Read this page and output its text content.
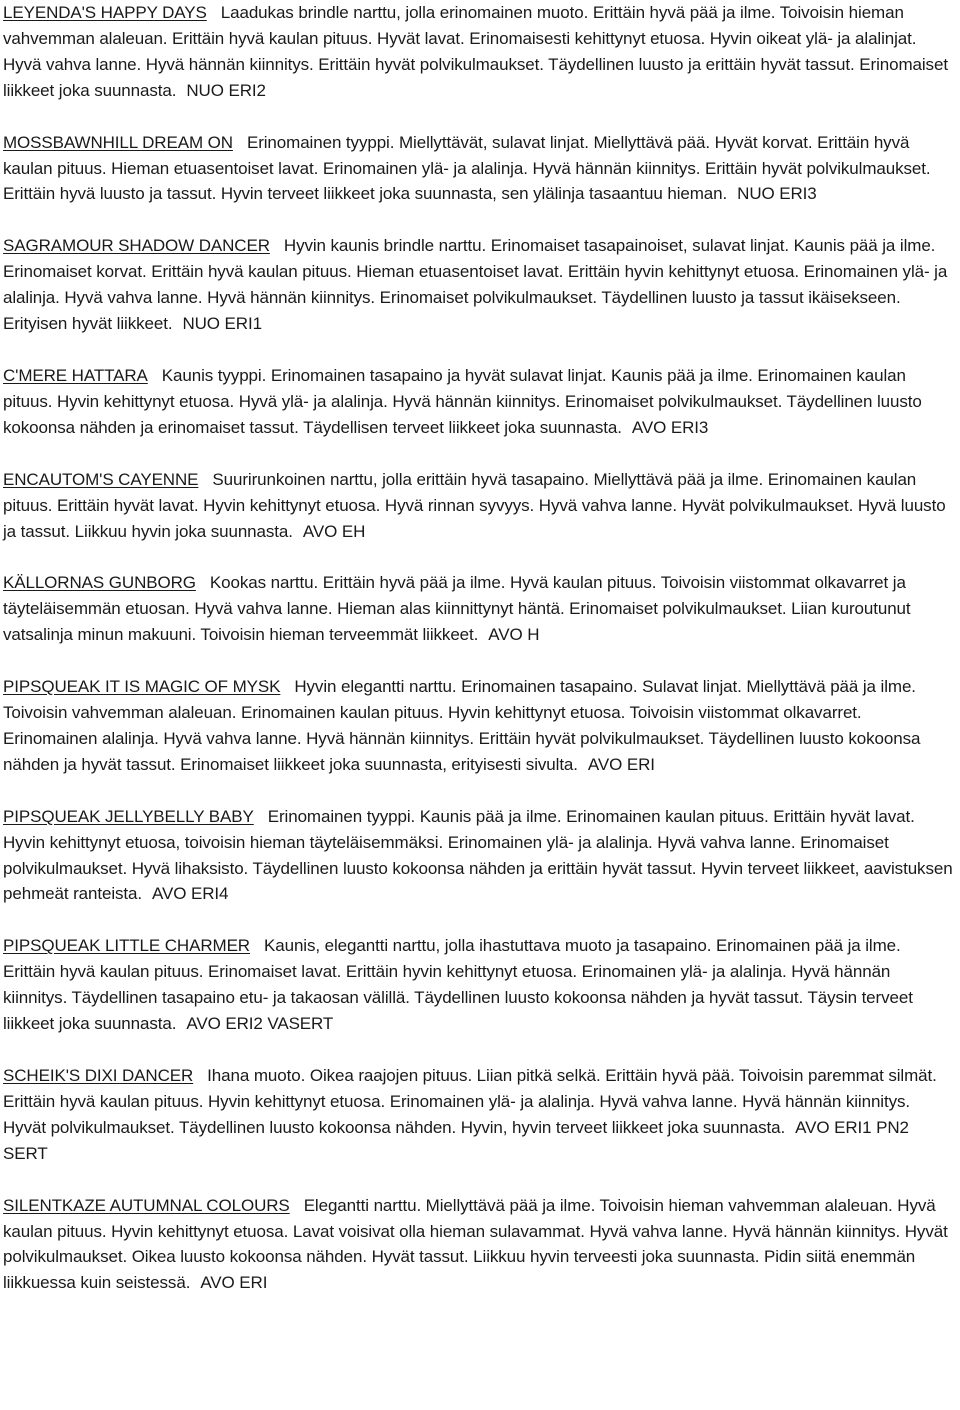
LEYENDA'S HAPPY DAYS Laadukas brindle narttu, jolla erinomainen muoto. Erittäin hyvä pää ja ilme. Toivoisin hieman vahvemman alaleuan. Erittäin hyvä kaulan pituus. Hyvät lavat. Erinomaisesti kehittynyt etuosa. Hyvin oikeat ylä- ja alalinjat. Hyvä vahva lanne. Hyvä hännän kiinnitys. Erittäin hyvät polvikulmaukset. Täydellinen luusto ja erittäin hyvät tassut. Erinomaiset liikkeet joka suunnasta. NUO ERI2

MOSSBAWNHILL DREAM ON Erinomainen tyyppi. Miellyttävät, sulavat linjat. Miellyttävä pää. Hyvät korvat. Erittäin hyvä kaulan pituus. Hieman etuasentoiset lavat. Erinomainen ylä- ja alalinja. Hyvä hännän kiinnitys. Erittäin hyvät polvikulmaukset. Erittäin hyvä luusto ja tassut. Hyvin terveet liikkeet joka suunnasta, sen ylälinja tasaantuu hieman. NUO ERI3

SAGRAMOUR SHADOW DANCER Hyvin kaunis brindle narttu. Erinomaiset tasapainoiset, sulavat linjat. Kaunis pää ja ilme. Erinomaiset korvat. Erittäin hyvä kaulan pituus. Hieman etuasentoiset lavat. Erittäin hyvin kehittynyt etuosa. Erinomainen ylä- ja alalinja. Hyvä vahva lanne. Hyvä hännän kiinnitys. Erinomaiset polvikulmaukset. Täydellinen luusto ja tassut ikäisekseen. Erityisen hyvät liikkeet. NUO ERI1

C'MERE HATTARA Kaunis tyyppi. Erinomainen tasapaino ja hyvät sulavat linjat. Kaunis pää ja ilme. Erinomainen kaulan pituus. Hyvin kehittynyt etuosa. Hyvä ylä- ja alalinja. Hyvä hännän kiinnitys. Erinomaiset polvikulmaukset. Täydellinen luusto kokoonsa nähden ja erinomaiset tassut. Täydellisen terveet liikkeet joka suunnasta. AVO ERI3

ENCAUTOM'S CAYENNE Suurirunkoinen narttu, jolla erittäin hyvä tasapaino. Miellyttävä pää ja ilme. Erinomainen kaulan pituus. Erittäin hyvät lavat. Hyvin kehittynyt etuosa. Hyvä rinnan syvyys. Hyvä vahva lanne. Hyvät polvikulmaukset. Hyvä luusto ja tassut. Liikkuu hyvin joka suunnasta. AVO EH

KÄLLORNAS GUNBORG Kookas narttu. Erittäin hyvä pää ja ilme. Hyvä kaulan pituus. Toivoisin viistommat olkavarret ja täyteläisemmän etuosan. Hyvä vahva lanne. Hieman alas kiinnittynyt häntä. Erinomaiset polvikulmaukset. Liian kuroutunut vatsalinja minun makuuni. Toivoisin hieman terveemmät liikkeet. AVO H

PIPSQUEAK IT IS MAGIC OF MYSK Hyvin elegantti narttu. Erinomainen tasapaino. Sulavat linjat. Miellyttävä pää ja ilme. Toivoisin vahvemman alaleuan. Erinomainen kaulan pituus. Hyvin kehittynyt etuosa. Toivoisin viistommat olkavarret. Erinomainen alalinja. Hyvä vahva lanne. Hyvä hännän kiinnitys. Erittäin hyvät polvikulmaukset. Täydellinen luusto kokoonsa nähden ja hyvät tassut. Erinomaiset liikkeet joka suunnasta, erityisesti sivulta. AVO ERI

PIPSQUEAK JELLYBELLY BABY Erinomainen tyyppi. Kaunis pää ja ilme. Erinomainen kaulan pituus. Erittäin hyvät lavat. Hyvin kehittynyt etuosa, toivoisin hieman täyteläisemmäksi. Erinomainen ylä- ja alalinja. Hyvä vahva lanne. Erinomaiset polvikulmaukset. Hyvä lihaksisto. Täydellinen luusto kokoonsa nähden ja erittäin hyvät tassut. Hyvin terveet liikkeet, aavistuksen pehmeät ranteista. AVO ERI4

PIPSQUEAK LITTLE CHARMER Kaunis, elegantti narttu, jolla ihastuttava muoto ja tasapaino. Erinomainen pää ja ilme. Erittäin hyvä kaulan pituus. Erinomaiset lavat. Erittäin hyvin kehittynyt etuosa. Erinomainen ylä- ja alalinja. Hyvä hännän kiinnitys. Täydellinen tasapaino etu- ja takaosan välillä. Täydellinen luusto kokoonsa nähden ja hyvät tassut. Täysin terveet liikkeet joka suunnasta. AVO ERI2 VASERT

SCHEIK'S DIXI DANCER Ihana muoto. Oikea raajojen pituus. Liian pitkä selkä. Erittäin hyvä pää. Toivoisin paremmat silmät. Erittäin hyvä kaulan pituus. Hyvin kehittynyt etuosa. Erinomainen ylä- ja alalinja. Hyvä vahva lanne. Hyvä hännän kiinnitys. Hyvät polvikulmaukset. Täydellinen luusto kokoonsa nähden. Hyvin, hyvin terveet liikkeet joka suunnasta. AVO ERI1 PN2 SERT

SILENTKAZE AUTUMNAL COLOURS Elegantti narttu. Miellyttävä pää ja ilme. Toivoisin hieman vahvemman alaleuan. Hyvä kaulan pituus. Hyvin kehittynyt etuosa. Lavat voisivat olla hieman sulavammat. Hyvä vahva lanne. Hyvä hännän kiinnitys. Hyvät polvikulmaukset. Oikea luusto kokoonsa nähden. Hyvät tassut. Liikkuu hyvin terveesti joka suunnasta. Pidin siitä enemmän liikkuessa kuin seistessä. AVO ERI
